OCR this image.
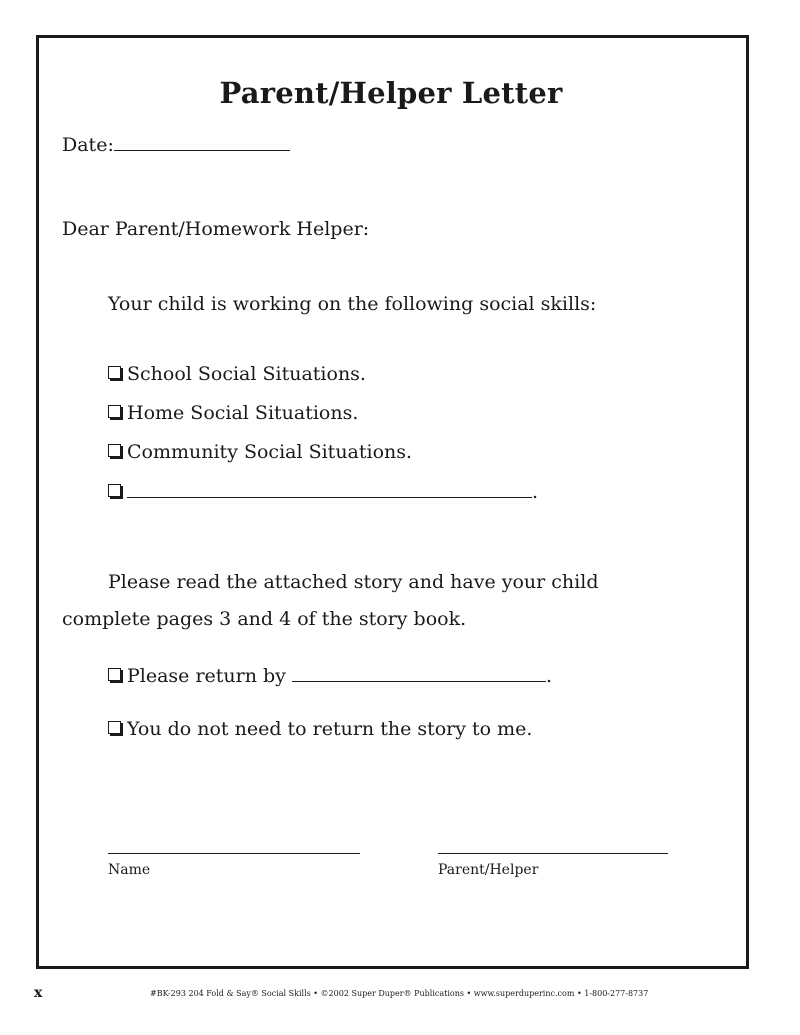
Parent/Helper Letter
Date:
Dear Parent/Homework Helper:
Your child is working on the following social skills:
School Social Situations.
Home Social Situations.
Community Social Situations.
.
Please read the attached story and have your child
complete pages 3 and 4 of the story book.
Please return by	.
You do not need to return the story to me.
Name	Parent/Helper
x	#BK-293 204 Fold & Say® Social Skills • ©2002 Super Duper® Publications • www.superduperinc.com • 1-800-277-8737
